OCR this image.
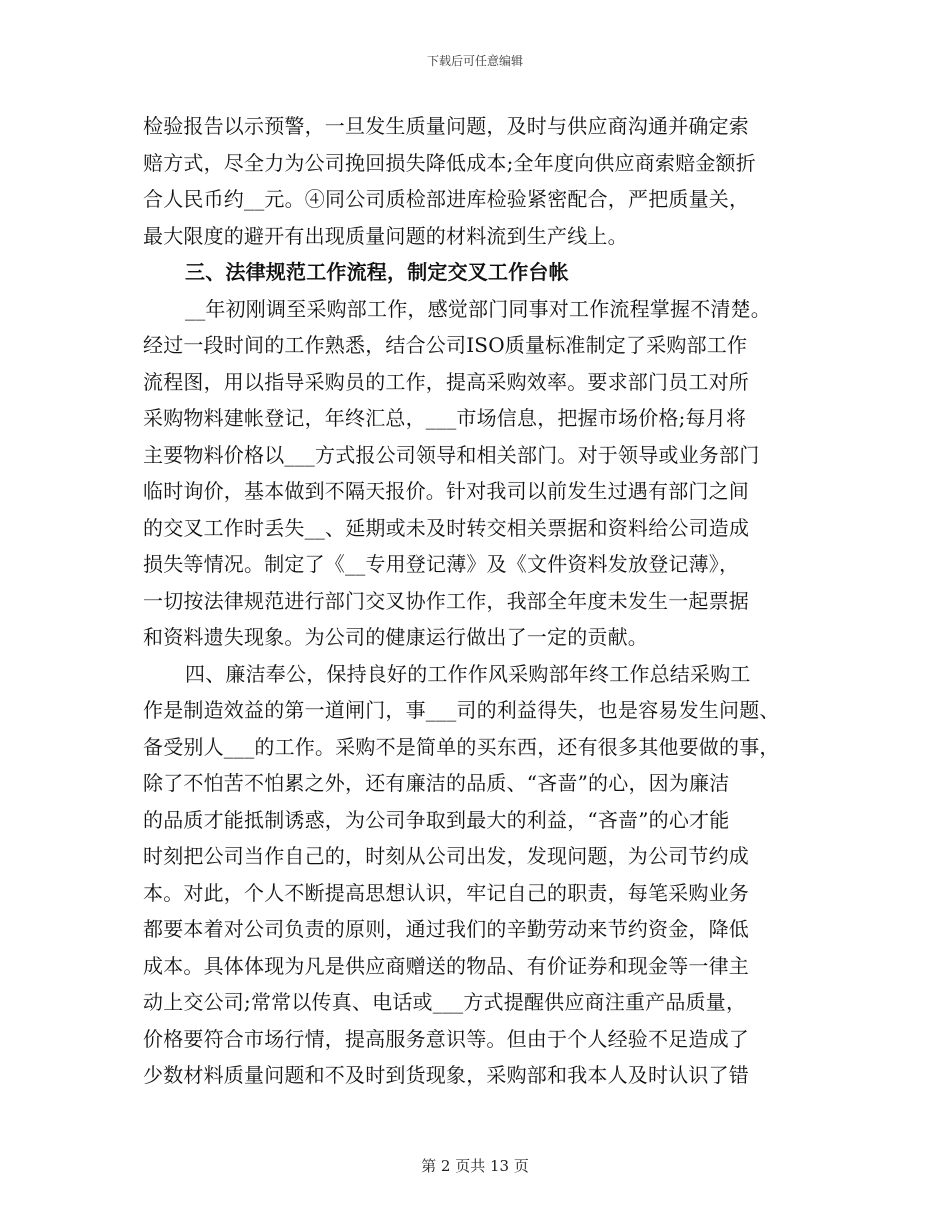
下载后可任意编辑
检验报告以示预警，一旦发生质量问题，及时与供应商沟通并确定索
赔方式，尽全力为公司挽回损失降低成本;全年度向供应商索赔金额折
合人民币约__元。④同公司质检部进库检验紧密配合，严把质量关，
最大限度的避开有出现质量问题的材料流到生产线上。
三、法律规范工作流程，制定交叉工作台帐
__年初刚调至采购部工作，感觉部门同事对工作流程掌握不清楚。
经过一段时间的工作熟悉，结合公司ISO质量标准制定了采购部工作
流程图，用以指导采购员的工作，提高采购效率。要求部门员工对所
采购物料建帐登记，年终汇总，___市场信息，把握市场价格;每月将
主要物料价格以___方式报公司领导和相关部门。对于领导或业务部门
临时询价，基本做到不隔天报价。针对我司以前发生过遇有部门之间
的交叉工作时丢失__、延期或未及时转交相关票据和资料给公司造成
损失等情况。制定了《__专用登记薄》及《文件资料发放登记薄》，
一切按法律规范进行部门交叉协作工作，我部全年度未发生一起票据
和资料遗失现象。为公司的健康运行做出了一定的贡献。
四、廉洁奉公，保持良好的工作作风采购部年终工作总结采购工
作是制造效益的第一道闸门，事___司的利益得失，也是容易发生问题、
备受别人___的工作。采购不是简单的买东西，还有很多其他要做的事，
除了不怕苦不怕累之外，还有廉洁的品质、“吝啬”的心，因为廉洁
的品质才能抵制诱惑，为公司争取到最大的利益，“吝啬”的心才能
时刻把公司当作自己的，时刻从公司出发，发现问题，为公司节约成
本。对此，个人不断提高思想认识，牢记自己的职责，每笔采购业务
都要本着对公司负责的原则，通过我们的辛勤劳动来节约资金，降低
成本。具体体现为凡是供应商赠送的物品、有价证券和现金等一律主
动上交公司;常常以传真、电话或___方式提醒供应商注重产品质量，
价格要符合市场行情，提高服务意识等。但由于个人经验不足造成了
少数材料质量问题和不及时到货现象，采购部和我本人及时认识了错
第 2 页共 13 页
